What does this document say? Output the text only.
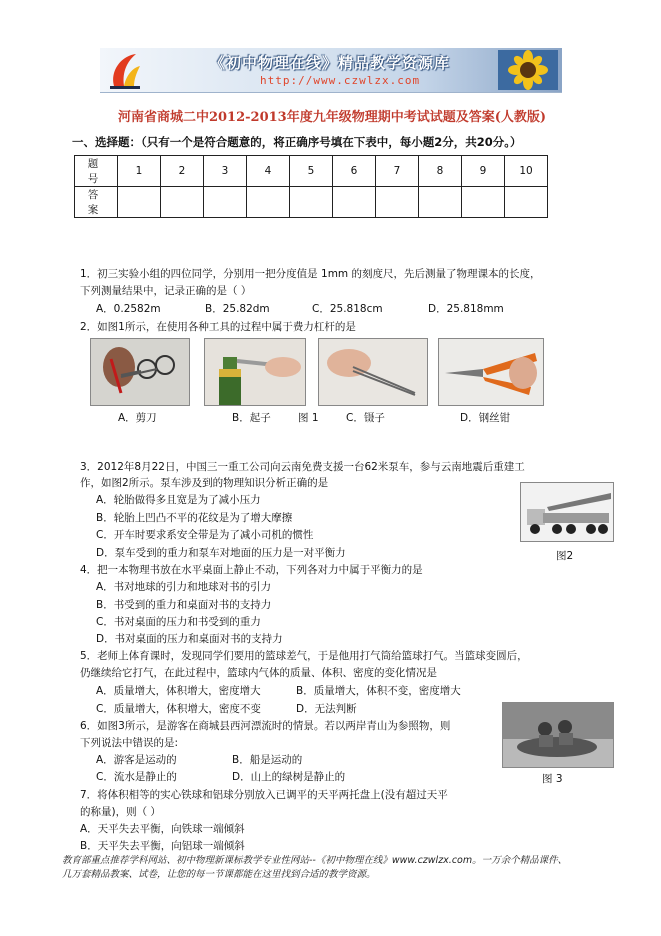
《初中物理在线》精品教学资源库
http://www.czwlzx.com
河南省商城二中2012-2013年度九年级物理期中考试试题及答案(人教版)
一、选择题：（只有一个是符合题意的，将正确序号填在下表中，每小题2分，共20分。）
题 号	1	2	3	4	5	6	7	8	9	10
答 案										
1．初三实验小组的四位同学，分别用一把分度值是 1mm 的刻度尺，先后测量了物理课本的长度，
下列测量结果中，记录正确的是（ ）
A．0.2582m	B．25.82dm	C．25.818cm	D．25.818mm
2．如图1所示，在使用各种工具的过程中属于费力杠杆的是
A．剪刀	B．起子	图 1	C．镊子	D．钢丝钳
3．2012年8月22日，中国三一重工公司向云南免费支援一台62米泵车，参与云南地震后重建工
作，如图2所示。泵车涉及到的物理知识分析正确的是
A．轮胎做得多且宽是为了减小压力
B．轮胎上凹凸不平的花纹是为了增大摩擦
C．开车时要求系安全带是为了减小司机的惯性
D．泵车受到的重力和泵车对地面的压力是一对平衡力	图2
4．把一本物理书放在水平桌面上静止不动，下列各对力中属于平衡力的是
A．书对地球的引力和地球对书的引力
B．书受到的重力和桌面对书的支持力
C．书对桌面的压力和书受到的重力
D．书对桌面的压力和桌面对书的支持力
5．老师上体育课时，发现同学们要用的篮球差气，于是他用打气筒给篮球打气。当篮球变圆后，
仍继续给它打气，在此过程中，篮球内气体的质量、体积、密度的变化情况是
A．质量增大，体积增大，密度增大	B．质量增大，体积不变，密度增大
C．质量增大，体积增大，密度不变	D．无法判断
6．如图3所示，是游客在商城县西河漂流时的情景。若以两岸青山为参照物，则
下列说法中错误的是:
A．游客是运动的	B．船是运动的
C．流水是静止的	D．山上的绿树是静止的	图 3
7．将体积相等的实心铁球和铝球分别放入已调平的天平两托盘上(没有超过天平
的称量)，则（ ）
A．天平失去平衡，向铁球一端倾斜
B．天平失去平衡，向铝球一端倾斜
教育部重点推荐学科网站、初中物理新课标教学专业性网站--《初中物理在线》www.czwlzx.com。一万余个精品课件、
几万套精品教案、试卷，让您的每一节课都能在这里找到合适的教学资源。
